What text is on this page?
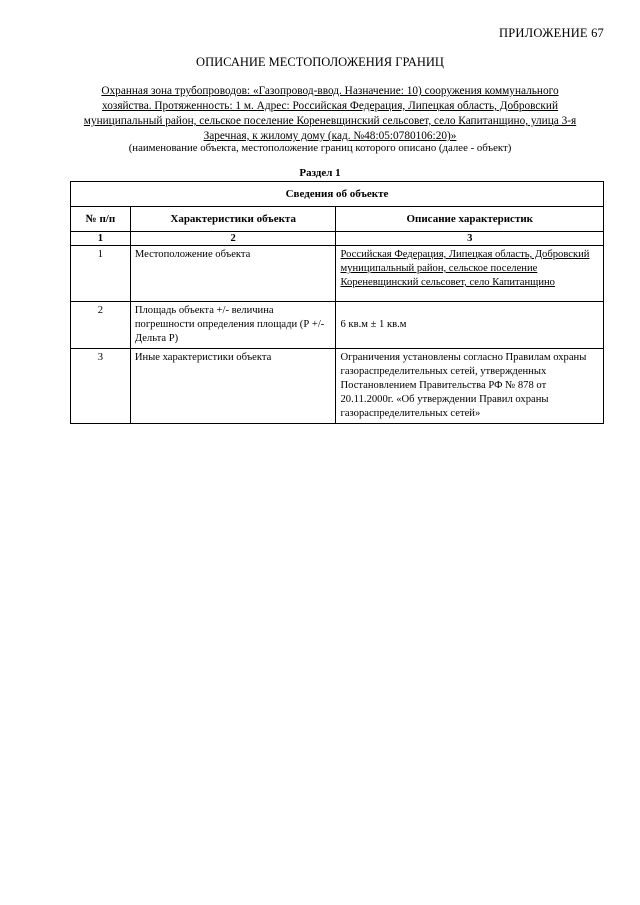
ПРИЛОЖЕНИЕ 67
ОПИСАНИЕ МЕСТОПОЛОЖЕНИЯ ГРАНИЦ
Охранная зона трубопроводов: «Газопровод-ввод. Назначение: 10) сооружения коммунального хозяйства. Протяженность: 1 м. Адрес: Российская Федерация, Липецкая область, Добровский муниципальный район, сельское поселение Кореневщинский сельсовет, село Капитанщино, улица 3-я Заречная, к жилому дому (кад. №48:05:0780106:20)»
(наименование объекта, местоположение границ которого описано (далее - объект)
Раздел 1
Сведения об объекте		
№ п/п	Характеристики объекта	Описание характеристик
1	2	3
1	Местоположение объекта	Российская Федерация, Липецкая область, Добровский муниципальный район, сельское поселение Кореневщинский сельсовет, село Капитанщино
2	Площадь объекта +/- величина погрешности определения площади (Р +/- Дельта Р)	6 кв.м ± 1 кв.м
3	Иные характеристики объекта	Ограничения установлены согласно Правилам охраны газораспределительных сетей, утвержденных Постановлением Правительства РФ № 878 от 20.11.2000г. «Об утверждении Правил охраны газораспределительных сетей»
